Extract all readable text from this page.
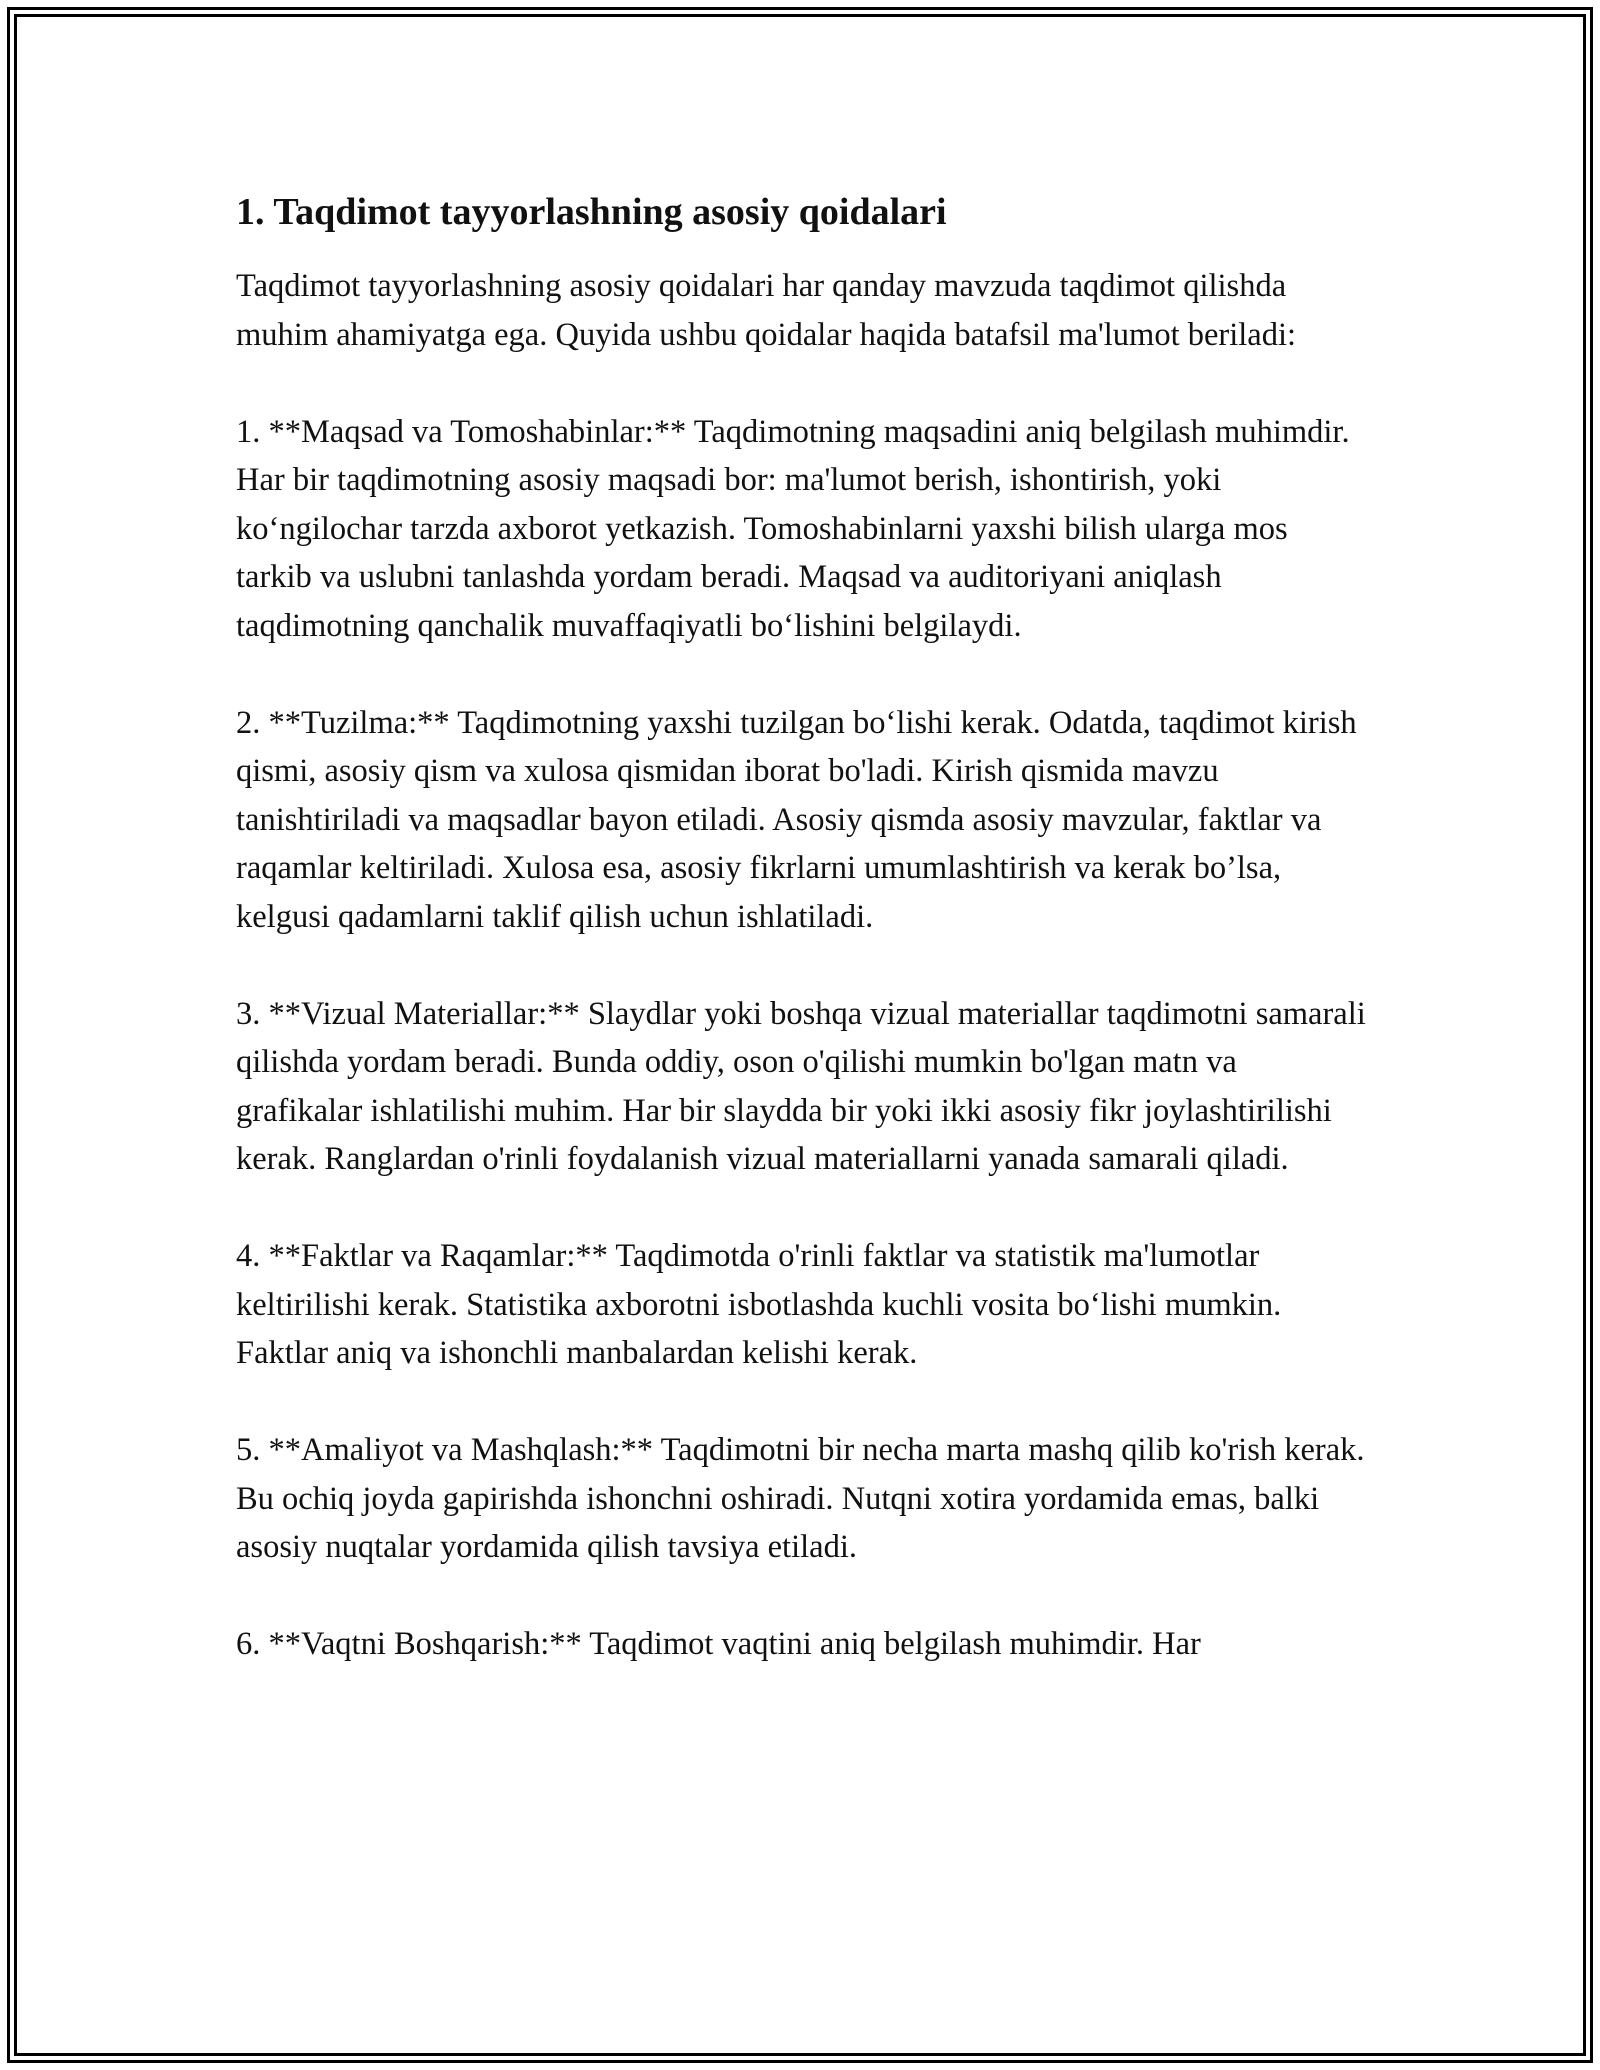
1. Taqdimot tayyorlashning asosiy qoidalari

Taqdimot tayyorlashning asosiy qoidalari har qanday mavzuda taqdimot qilishda muhim ahamiyatga ega. Quyida ushbu qoidalar haqida batafsil ma'lumot beriladi:

1. **Maqsad va Tomoshabinlar:** Taqdimotning maqsadini aniq belgilash muhimdir. Har bir taqdimotning asosiy maqsadi bor: ma'lumot berish, ishontirish, yoki ko‘ngilochar tarzda axborot yetkazish. Tomoshabinlarni yaxshi bilish ularga mos tarkib va uslubni tanlashda yordam beradi. Maqsad va auditoriyani aniqlash taqdimotning qanchalik muvaffaqiyatli bo‘lishini belgilaydi.

2. **Tuzilma:** Taqdimotning yaxshi tuzilgan bo‘lishi kerak. Odatda, taqdimot kirish qismi, asosiy qism va xulosa qismidan iborat bo'ladi. Kirish qismida mavzu tanishtiriladi va maqsadlar bayon etiladi. Asosiy qismda asosiy mavzular, faktlar va raqamlar keltiriladi. Xulosa esa, asosiy fikrlarni umumlashtirish va kerak bo’lsa, kelgusi qadamlarni taklif qilish uchun ishlatiladi.

3. **Vizual Materiallar:** Slaydlar yoki boshqa vizual materiallar taqdimotni samarali qilishda yordam beradi. Bunda oddiy, oson o'qilishi mumkin bo'lgan matn va grafikalar ishlatilishi muhim. Har bir slaydda bir yoki ikki asosiy fikr joylashtirilishi kerak. Ranglardan o'rinli foydalanish vizual materiallarni yanada samarali qiladi.

4. **Faktlar va Raqamlar:** Taqdimotda o'rinli faktlar va statistik ma'lumotlar keltirilishi kerak. Statistika axborotni isbotlashda kuchli vosita bo‘lishi mumkin. Faktlar aniq va ishonchli manbalardan kelishi kerak.

5. **Amaliyot va Mashqlash:** Taqdimotni bir necha marta mashq qilib ko'rish kerak. Bu ochiq joyda gapirishda ishonchni oshiradi. Nutqni xotira yordamida emas, balki asosiy nuqtalar yordamida qilish tavsiya etiladi.

6. **Vaqtni Boshqarish:** Taqdimot vaqtini aniq belgilash muhimdir. Har
